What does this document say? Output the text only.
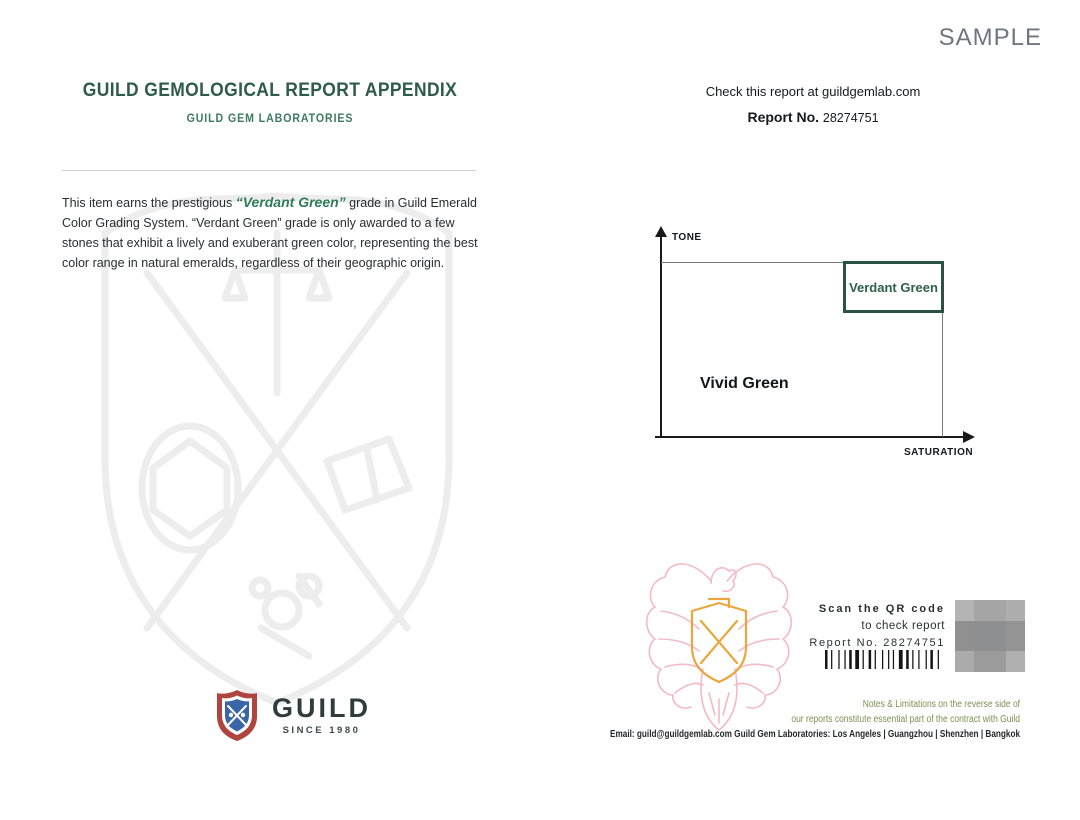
SAMPLE
GUILD GEMOLOGICAL REPORT APPENDIX
GUILD GEM LABORATORIES
This item earns the prestigious “Verdant Green” grade in Guild Emerald Color Grading System. “Verdant Green” grade is only awarded to a few stones that exhibit a lively and exuberant green color, representing the best color range in natural emeralds, regardless of their geographic origin.
Check this report at guildgemlab.com
Report No. 28274751
TONE
SATURATION
Verdant Green
Vivid Green
GUILD
SINCE 1980
Scan the QR code
to check report
Report No. 28274751
Notes & Limitations on the reverse side of
our reports constitute essential part of the contract with Guild
Email: guild@guildgemlab.com Guild Gem Laboratories: Los Angeles | Guangzhou | Shenzhen | Bangkok
